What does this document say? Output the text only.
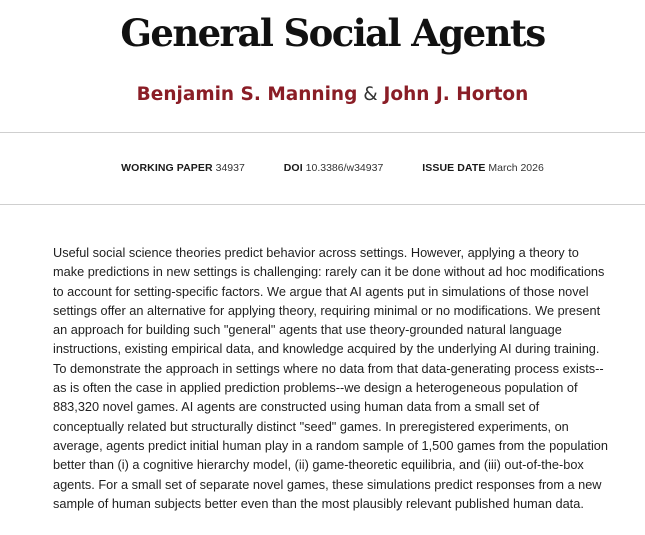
General Social Agents

Benjamin S. Manning & John J. Horton

WORKING PAPER 34937	DOI 10.3386/w34937	ISSUE DATE March 2026

Useful social science theories predict behavior across settings. However, applying a theory to make predictions in new settings is challenging: rarely can it be done without ad hoc modifications to account for setting-specific factors. We argue that AI agents put in simulations of those novel settings offer an alternative for applying theory, requiring minimal or no modifications. We present an approach for building such "general" agents that use theory-grounded natural language instructions, existing empirical data, and knowledge acquired by the underlying AI during training. To demonstrate the approach in settings where no data from that data-generating process exists--as is often the case in applied prediction problems--we design a heterogeneous population of 883,320 novel games. AI agents are constructed using human data from a small set of conceptually related but structurally distinct "seed" games. In preregistered experiments, on average, agents predict initial human play in a random sample of 1,500 games from the population better than (i) a cognitive hierarchy model, (ii) game-theoretic equilibria, and (iii) out-of-the-box agents. For a small set of separate novel games, these simulations predict responses from a new sample of human subjects better even than the most plausibly relevant published human data.
